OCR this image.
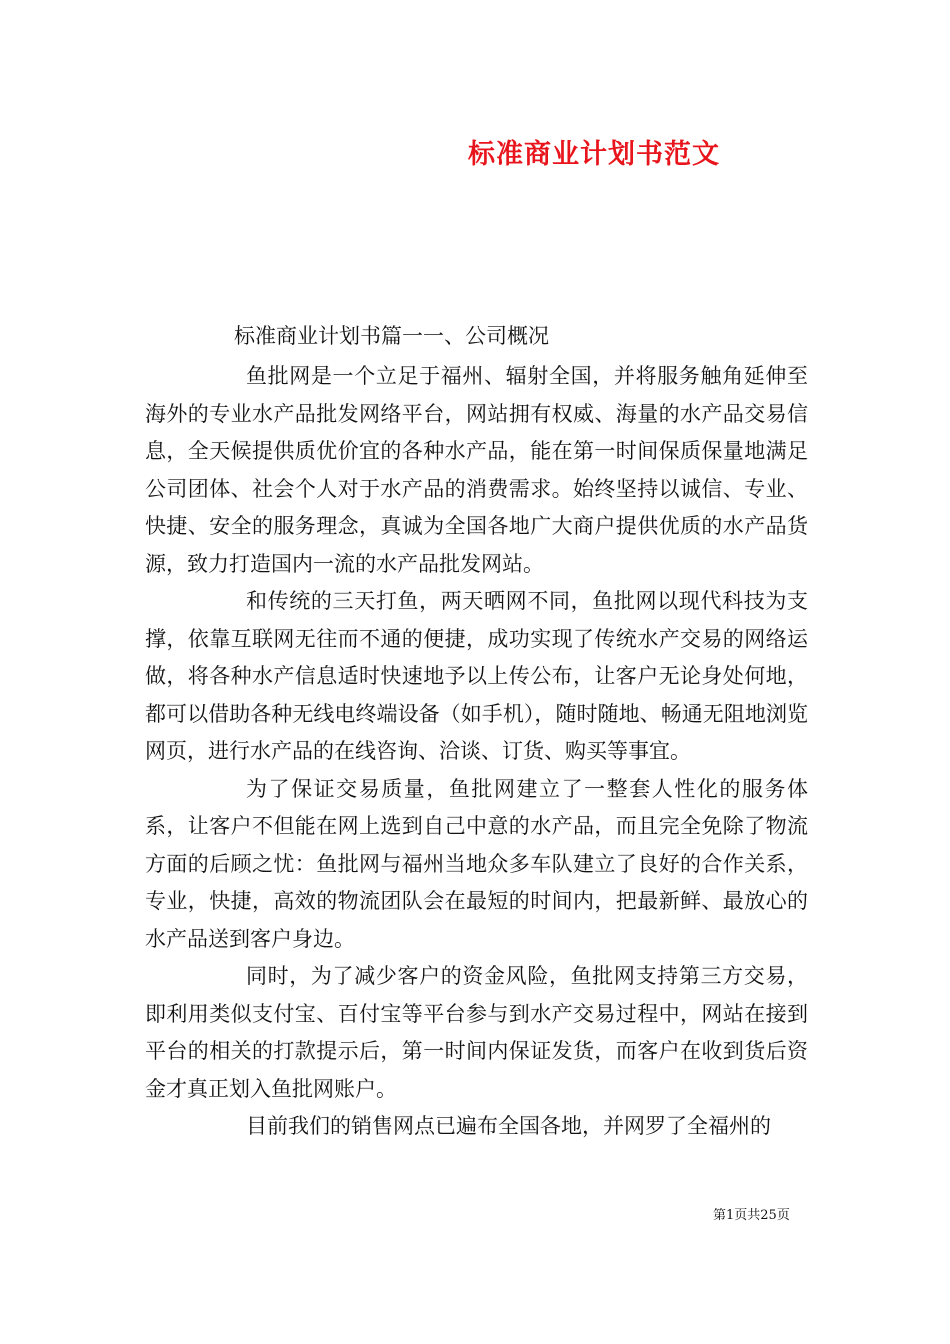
标准商业计划书范文
标准商业计划书篇一一、公司概况

鱼批网是一个立足于福州、辐射全国，并将服务触角延伸至海外的专业水产品批发网络平台，网站拥有权威、海量的水产品交易信息，全天候提供质优价宜的各种水产品，能在第一时间保质保量地满足公司团体、社会个人对于水产品的消费需求。始终坚持以诚信、专业、快捷、安全的服务理念，真诚为全国各地广大商户提供优质的水产品货源，致力打造国内一流的水产品批发网站。

和传统的三天打鱼，两天晒网不同，鱼批网以现代科技为支撑，依靠互联网无往而不通的便捷，成功实现了传统水产交易的网络运做，将各种水产信息适时快速地予以上传公布，让客户无论身处何地，都可以借助各种无线电终端设备（如手机），随时随地、畅通无阻地浏览网页，进行水产品的在线咨询、洽谈、订货、购买等事宜。

为了保证交易质量，鱼批网建立了一整套人性化的服务体系，让客户不但能在网上选到自己中意的水产品，而且完全免除了物流方面的后顾之忧：鱼批网与福州当地众多车队建立了良好的合作关系，专业，快捷，高效的物流团队会在最短的时间内，把最新鲜、最放心的水产品送到客户身边。

同时，为了减少客户的资金风险，鱼批网支持第三方交易，即利用类似支付宝、百付宝等平台参与到水产交易过程中，网站在接到平台的相关的打款提示后，第一时间内保证发货，而客户在收到货后资金才真正划入鱼批网账户。

目前我们的销售网点已遍布全国各地，并网罗了全福州的

第1页共25页
